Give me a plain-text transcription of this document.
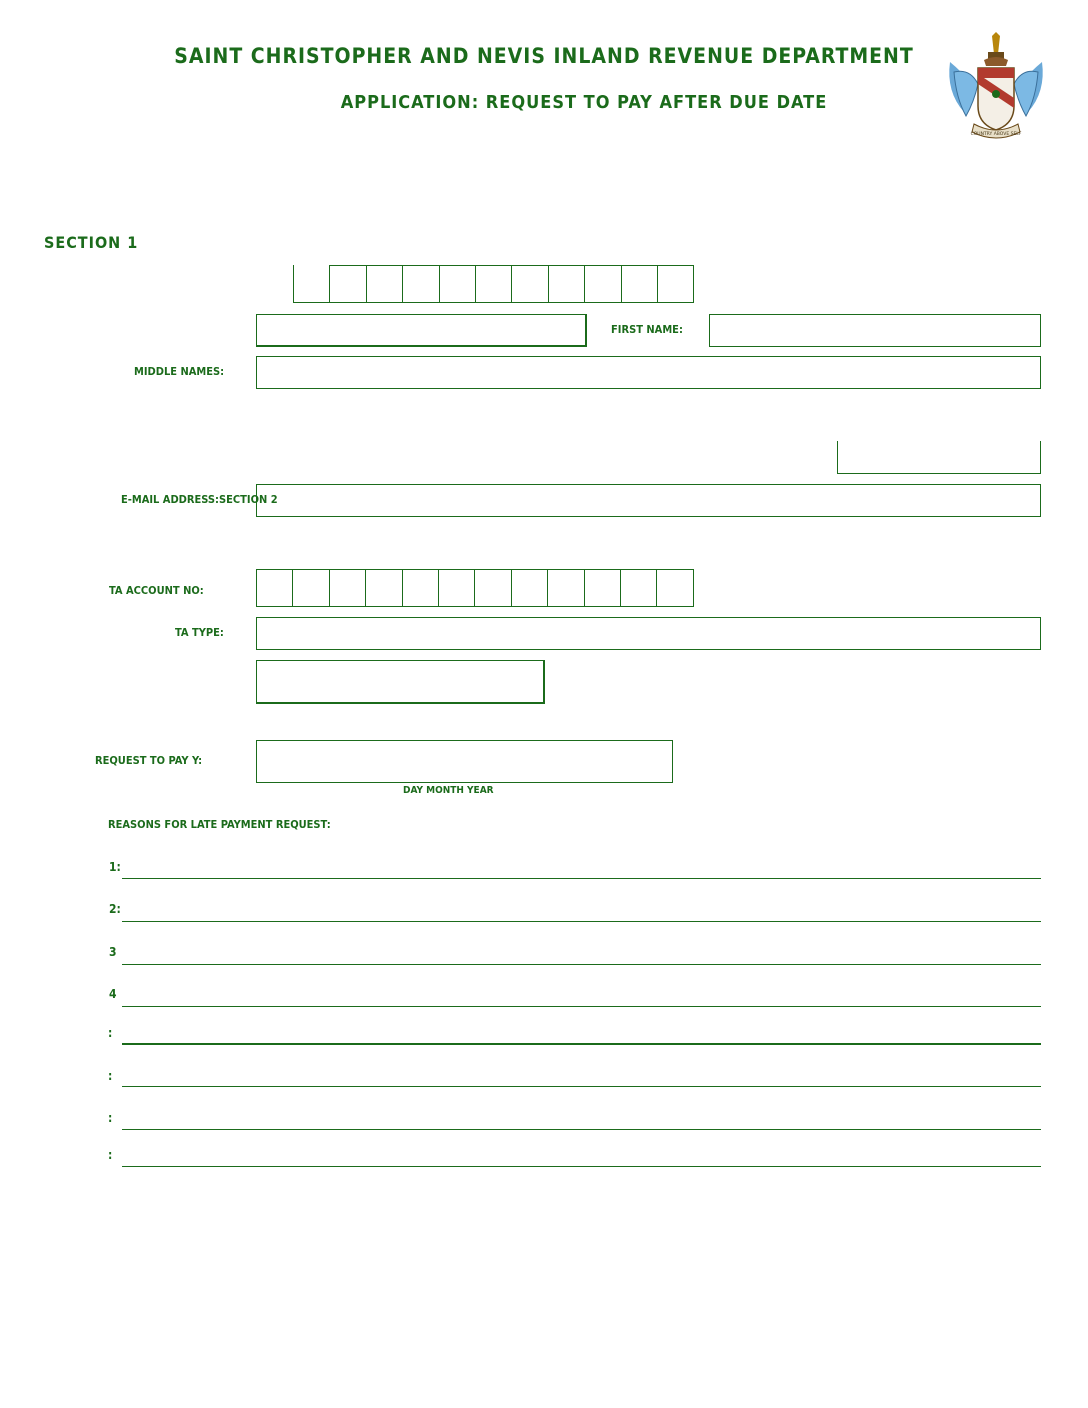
SAINT CHRISTOPHER AND NEVIS INLAND REVENUE DEPARTMENT
APPLICATION: REQUEST TO PAY AFTER DUE DATE
COUNTRY ABOVE SELF
SECTION 1
FIRST NAME:
MIDDLE NAMES:
E-MAIL ADDRESS:SECTION 2
TA ACCOUNT NO:
TA TYPE:
REQUEST TO PAY Y:
DAY MONTH YEAR
REASONS FOR LATE PAYMENT REQUEST:
1:
2:
3
4
:
:
:
:
